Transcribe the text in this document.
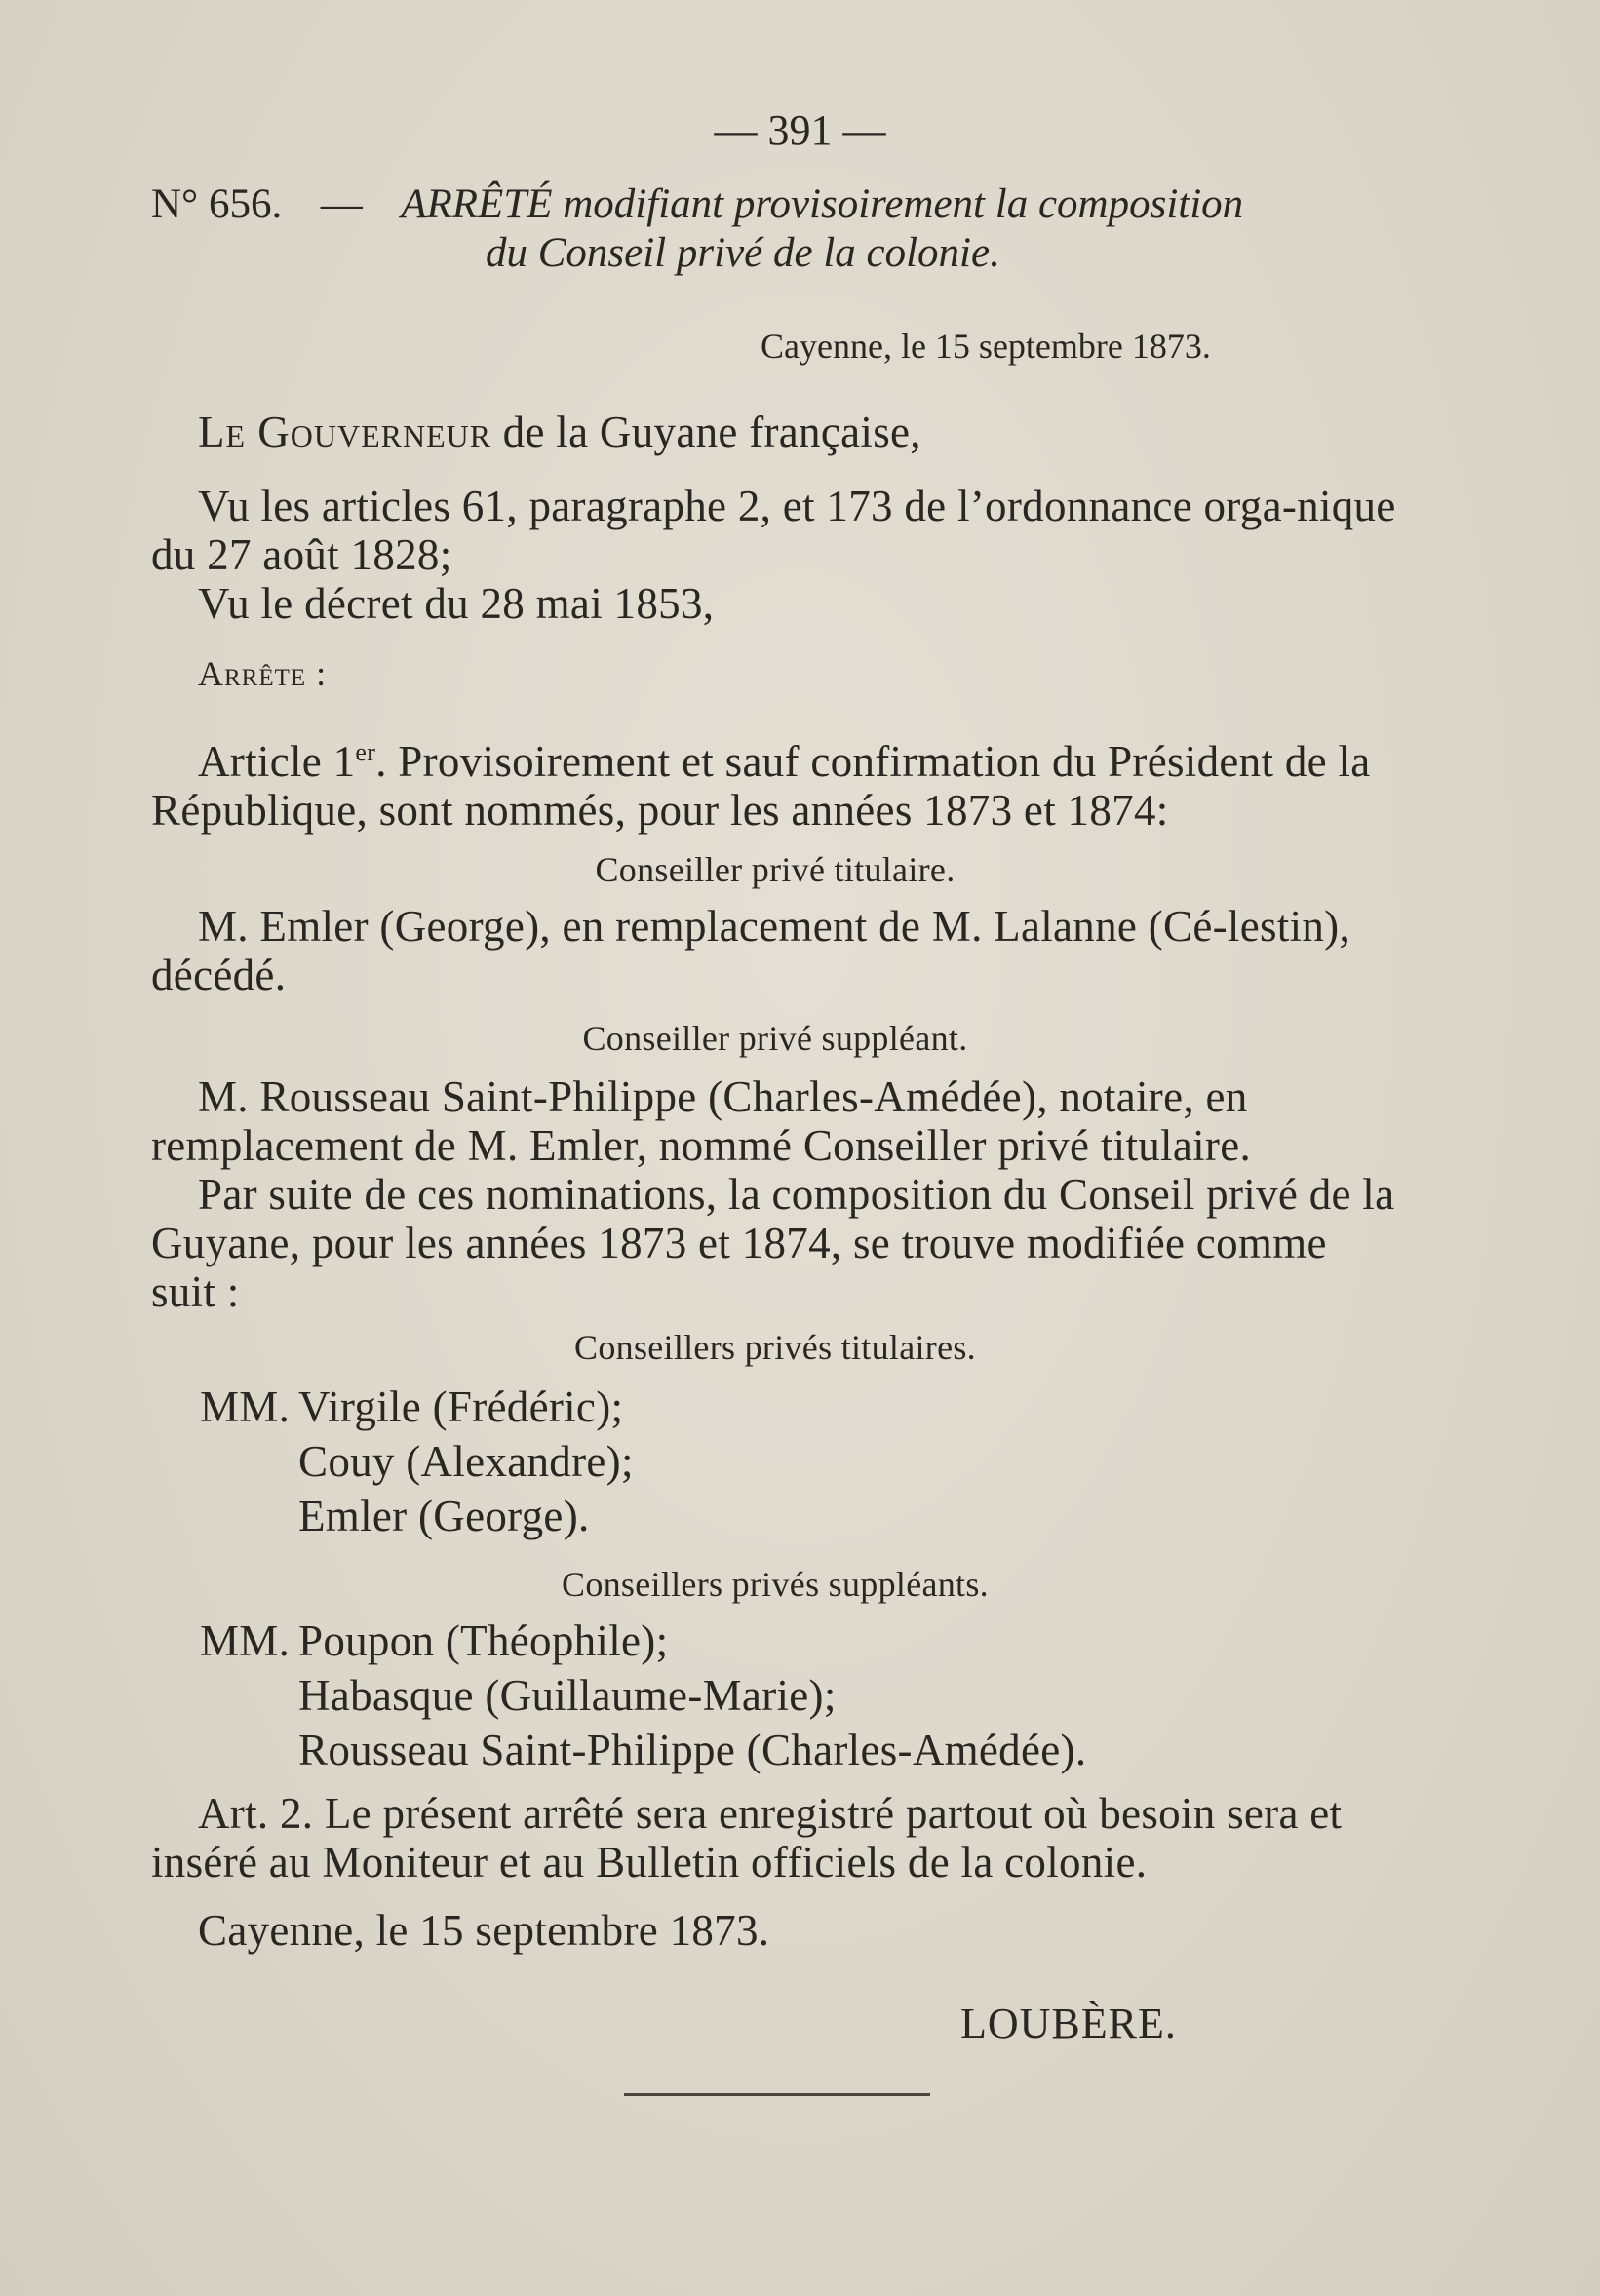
— 391 —
N° 656. — ARRÊTÉ modifiant provisoirement la composition
du Conseil privé de la colonie.
Cayenne, le 15 septembre 1873.
Le Gouverneur de la Guyane française,
Vu les articles 61, paragraphe 2, et 173 de l’ordonnance orga-nique du 27 août 1828;
Vu le décret du 28 mai 1853,
Arrête :
Article 1er. Provisoirement et sauf confirmation du Président de la République, sont nommés, pour les années 1873 et 1874:
Conseiller privé titulaire.
M. Emler (George), en remplacement de M. Lalanne (Cé-lestin), décédé.
Conseiller privé suppléant.
M. Rousseau Saint-Philippe (Charles-Amédée), notaire, en remplacement de M. Emler, nommé Conseiller privé titulaire.
Par suite de ces nominations, la composition du Conseil privé de la Guyane, pour les années 1873 et 1874, se trouve modifiée comme suit :
Conseillers privés titulaires.
MM. Virgile (Frédéric);
Couy (Alexandre);
Emler (George).
Conseillers privés suppléants.
MM. Poupon (Théophile);
Habasque (Guillaume-Marie);
Rousseau Saint-Philippe (Charles-Amédée).
Art. 2. Le présent arrêté sera enregistré partout où besoin sera et inséré au Moniteur et au Bulletin officiels de la colonie.
Cayenne, le 15 septembre 1873.
LOUBÈRE.
